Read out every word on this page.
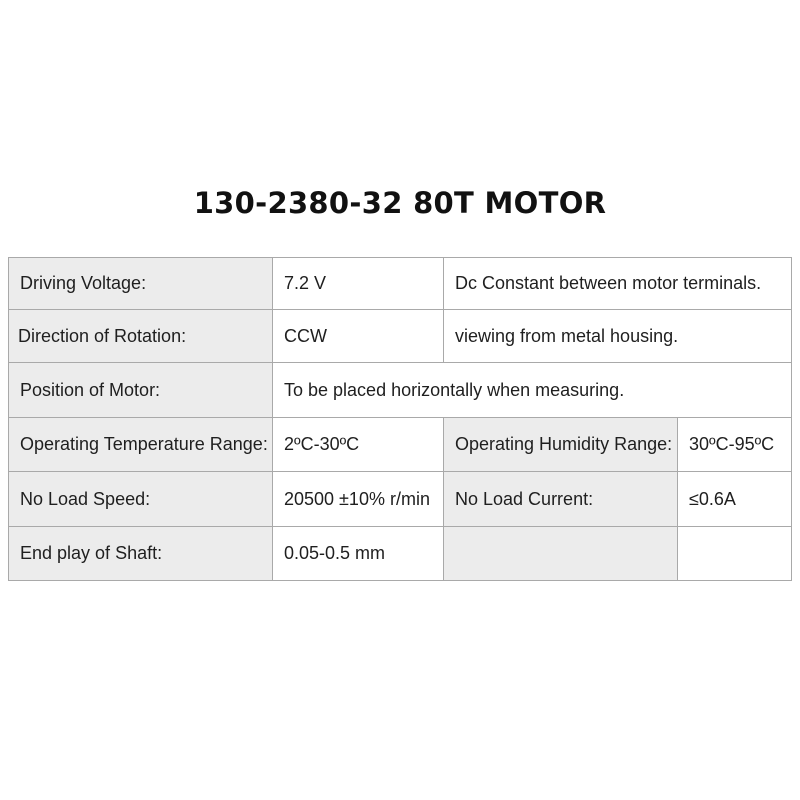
130-2380-32 80T MOTOR
Driving Voltage:	7.2 V	Dc Constant between motor terminals.	
Direction of Rotation:	CCW	viewing from metal housing.	
Position of Motor:	To be placed horizontally when measuring.		
Operating Temperature Range:	2ºC-30ºC	Operating Humidity Range:	30ºC-95ºC
No Load Speed:	20500 ±10% r/min	No Load Current:	≤0.6A
End play of Shaft:	0.05-0.5 mm		
